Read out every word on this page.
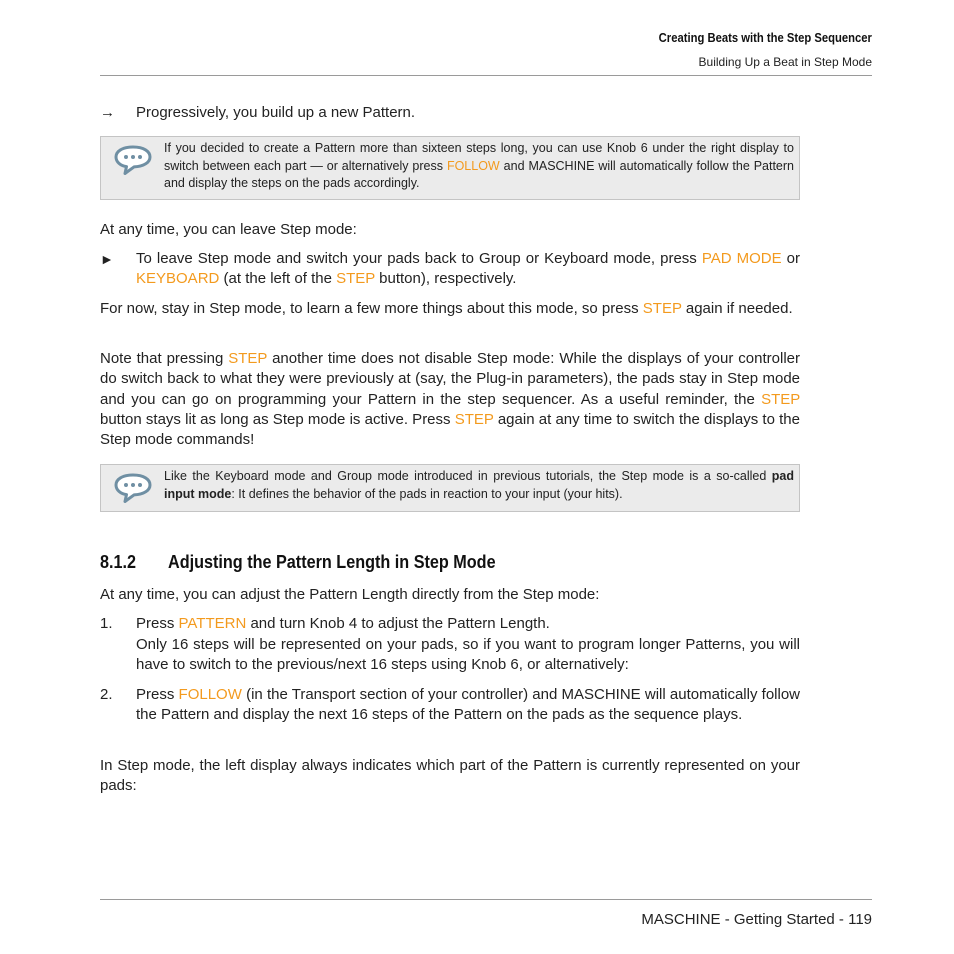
Creating Beats with the Step Sequencer
Building Up a Beat in Step Mode
→ Progressively, you build up a new Pattern.

If you decided to create a Pattern more than sixteen steps long, you can use Knob 6 under the right display to switch between each part — or alternatively press FOLLOW and MASCHINE will automatically follow the Pattern and display the steps on the pads accordingly.

At any time, you can leave Step mode:

► To leave Step mode and switch your pads back to Group or Keyboard mode, press PAD MODE or KEYBOARD (at the left of the STEP button), respectively.

For now, stay in Step mode, to learn a few more things about this mode, so press STEP again if needed.

Note that pressing STEP another time does not disable Step mode: While the displays of your controller do switch back to what they were previously at (say, the Plug-in parameters), the pads stay in Step mode and you can go on programming your Pattern in the step sequencer. As a useful reminder, the STEP button stays lit as long as Step mode is active. Press STEP again at any time to switch the displays to the Step mode commands!

Like the Keyboard mode and Group mode introduced in previous tutorials, the Step mode is a so-called pad input mode: It defines the behavior of the pads in reaction to your input (your hits).
8.1.2 Adjusting the Pattern Length in Step Mode

At any time, you can adjust the Pattern Length directly from the Step mode:

1. Press PATTERN and turn Knob 4 to adjust the Pattern Length.

Only 16 steps will be represented on your pads, so if you want to program longer Patterns, you will have to switch to the previous/next 16 steps using Knob 6, or alternatively:

2. Press FOLLOW (in the Transport section of your controller) and MASCHINE will automatically follow the Pattern and display the next 16 steps of the Pattern on the pads as the sequence plays.

In Step mode, the left display always indicates which part of the Pattern is currently represented on your pads:

MASCHINE - Getting Started - 119
